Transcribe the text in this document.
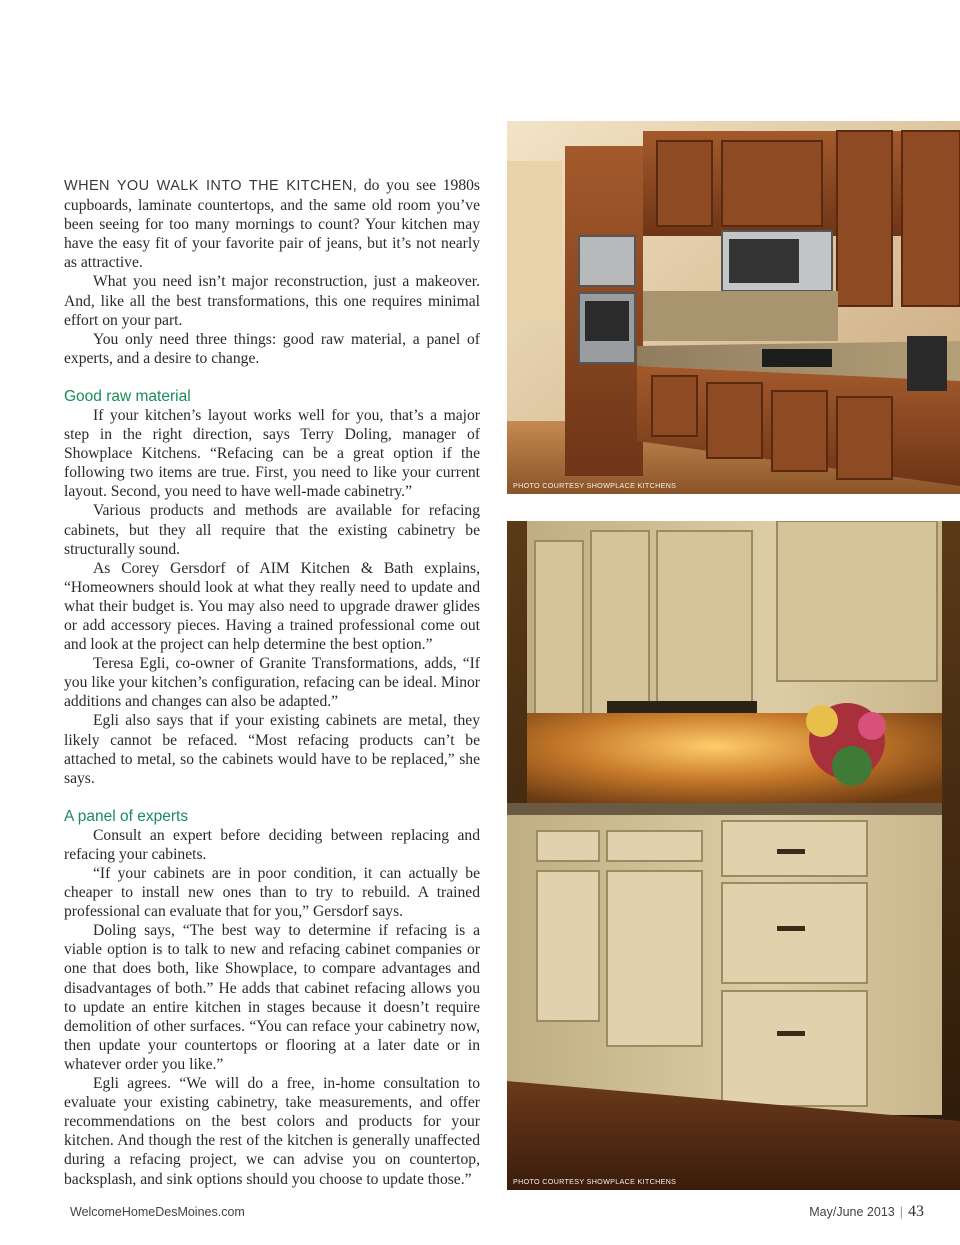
WHEN YOU WALK INTO THE KITCHEN, do you see 1980s cupboards, laminate countertops, and the same old room you’ve been seeing for too many mornings to count? Your kitchen may have the easy fit of your favorite pair of jeans, but it’s not nearly as attractive.

What you need isn’t major reconstruction, just a makeover. And, like all the best transformations, this one requires minimal effort on your part.

You only need three things: good raw material, a panel of experts, and a desire to change.

Good raw material

If your kitchen’s layout works well for you, that’s a major step in the right direction, says Terry Doling, manager of Showplace Kitchens. “Refacing can be a great option if the following two items are true. First, you need to like your current layout. Second, you need to have well-made cabinetry.”

Various products and methods are available for refacing cabinets, but they all require that the existing cabinetry be structurally sound.

As Corey Gersdorf of AIM Kitchen & Bath explains, “Homeowners should look at what they really need to update and what their budget is. You may also need to upgrade drawer glides or add accessory pieces. Having a trained professional come out and look at the project can help determine the best option.”

Teresa Egli, co-owner of Granite Transformations, adds, “If you like your kitchen’s configuration, refacing can be ideal. Minor additions and changes can also be adapted.”

Egli also says that if your existing cabinets are metal, they likely cannot be refaced. “Most refacing products can’t be attached to metal, so the cabinets would have to be replaced,” she says.

A panel of experts

Consult an expert before deciding between replacing and refacing your cabinets.

“If your cabinets are in poor condition, it can actually be cheaper to install new ones than to try to rebuild. A trained professional can evaluate that for you,” Gersdorf says.

Doling says, “The best way to determine if refacing is a viable option is to talk to new and refacing cabinet companies or one that does both, like Showplace, to compare advantages and disadvantages of both.” He adds that cabinet refacing allows you to update an entire kitchen in stages because it doesn’t require demolition of other surfaces. “You can reface your cabinetry now, then update your countertops or flooring at a later date or in whatever order you like.”

Egli agrees. “We will do a free, in-home consultation to evaluate your existing cabinetry, take measurements, and offer recommendations on the best colors and products for your kitchen. And though the rest of the kitchen is generally unaffected during a refacing project, we can advise you on countertop, backsplash, and sink options should you choose to update those.”

PHOTO COURTESY SHOWPLACE KITCHENS
PHOTO COURTESY SHOWPLACE KITCHENS
WelcomeHomeDesMoines.com	May/June 2013 | 43
